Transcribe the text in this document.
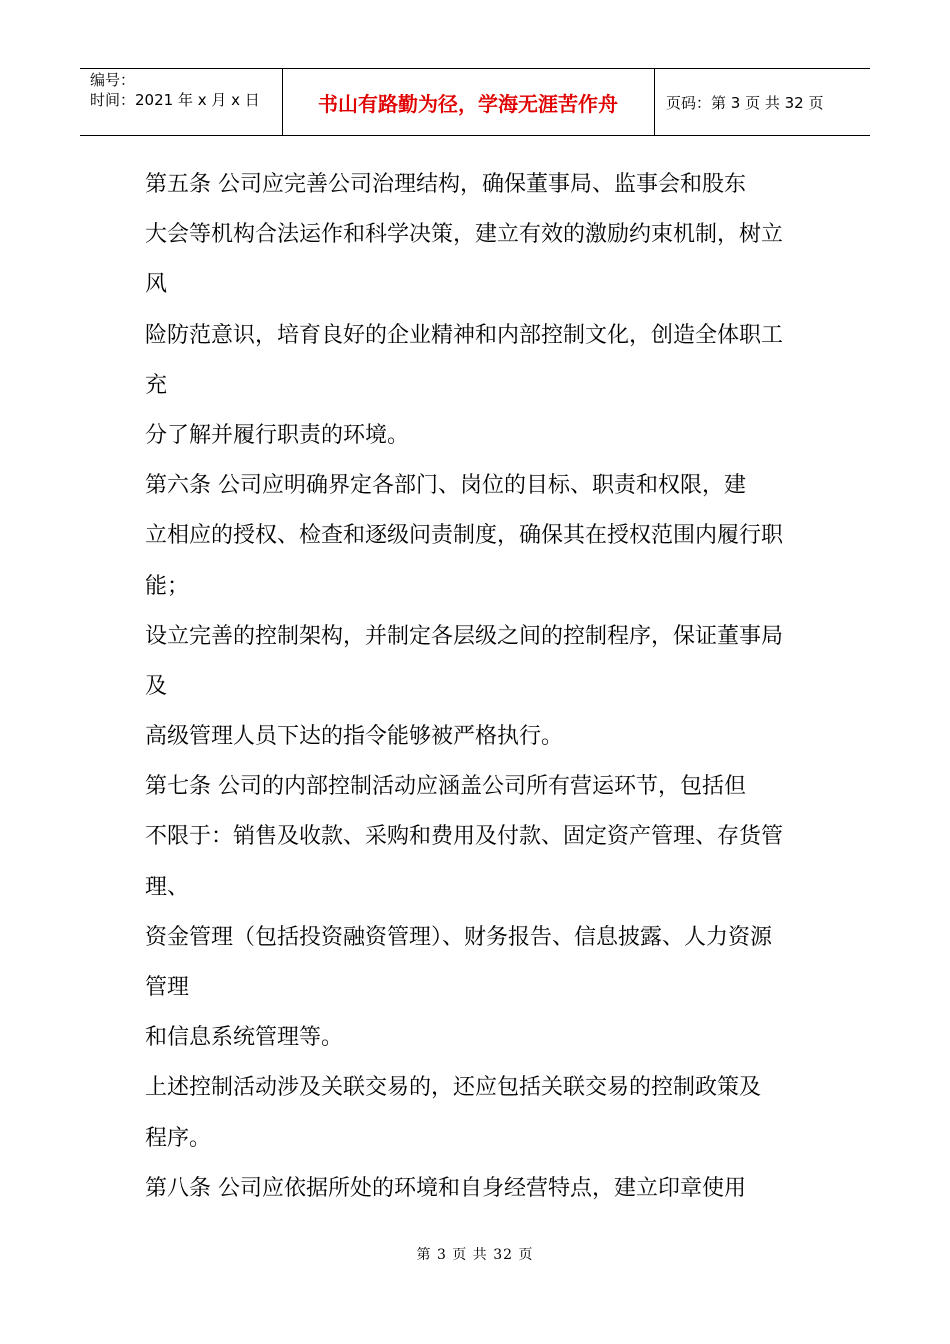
编号：
时间：2021 年 x 月 x 日	书山有路勤为径，学海无涯苦作舟	页码：第 3 页 共 32 页
第五条 公司应完善公司治理结构，确保董事局、监事会和股东
大会等机构合法运作和科学决策，建立有效的激励约束机制，树立
风
险防范意识，培育良好的企业精神和内部控制文化，创造全体职工
充
分了解并履行职责的环境。
第六条 公司应明确界定各部门、岗位的目标、职责和权限，建
立相应的授权、检查和逐级问责制度，确保其在授权范围内履行职
能；
设立完善的控制架构，并制定各层级之间的控制程序，保证董事局
及
高级管理人员下达的指令能够被严格执行。
第七条 公司的内部控制活动应涵盖公司所有营运环节，包括但
不限于：销售及收款、采购和费用及付款、固定资产管理、存货管
理、
资金管理（包括投资融资管理）、财务报告、信息披露、人力资源
管理
和信息系统管理等。
上述控制活动涉及关联交易的，还应包括关联交易的控制政策及
程序。
第八条 公司应依据所处的环境和自身经营特点，建立印章使用
第 3 页 共 32 页
